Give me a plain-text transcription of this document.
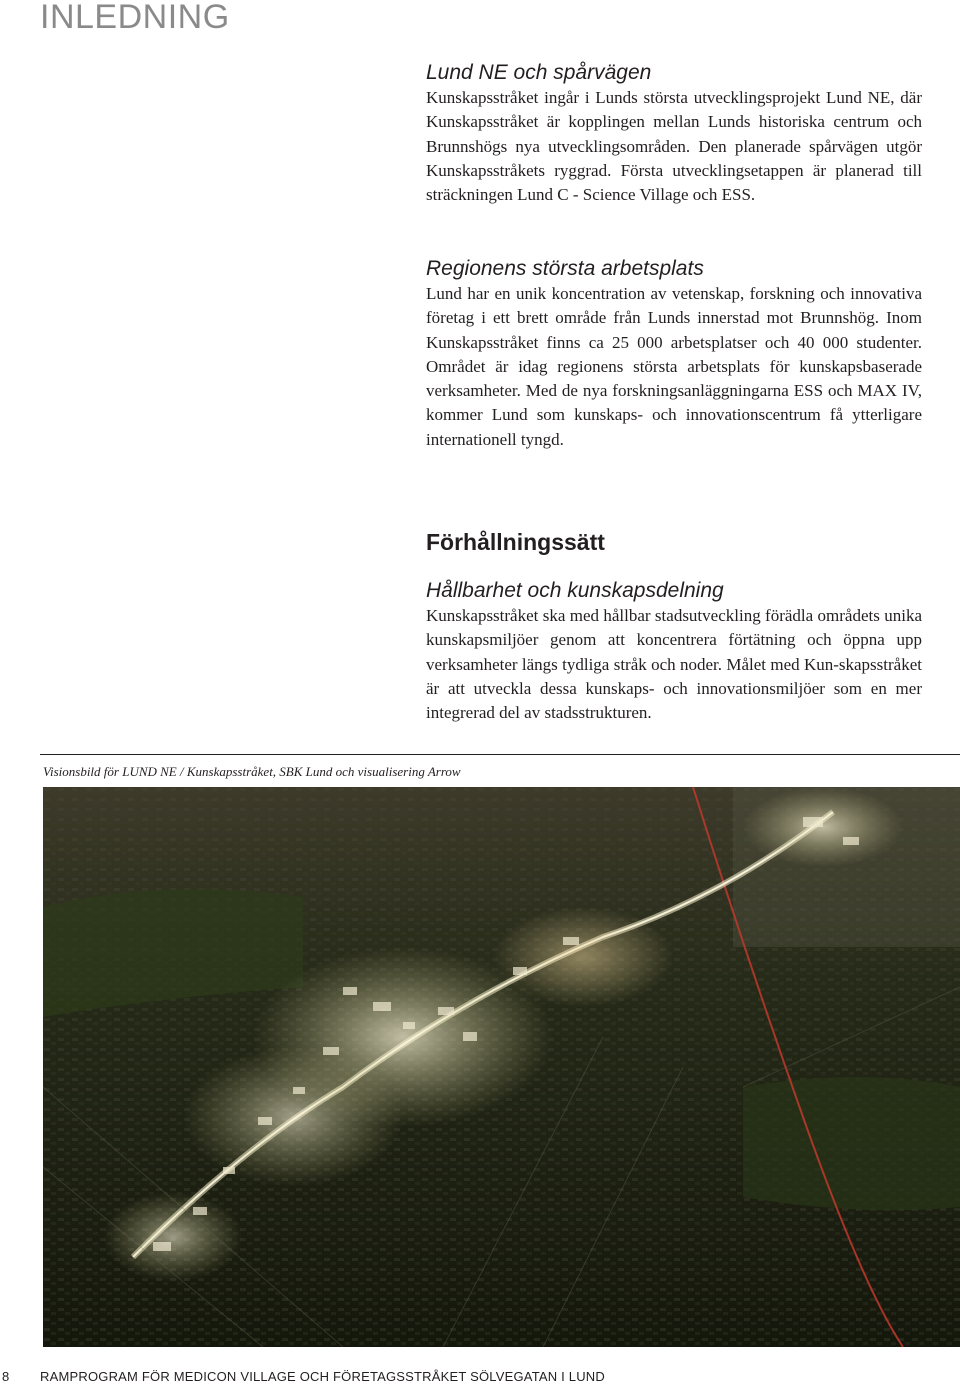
INLEDNING
Lund NE och spårvägen

Kunskapsstråket ingår i Lunds största utvecklingsprojekt Lund NE, där Kunskapsstråket är kopplingen mellan Lunds historiska centrum och Brunnshögs nya utvecklingsområden. Den planerade spårvägen utgör Kunskapsstråkets ryggrad. Första utvecklingsetappen är planerad till sträckningen Lund C - Science Village och ESS.

Regionens största arbetsplats

Lund har en unik koncentration av vetenskap, forskning och innovativa företag i ett brett område från Lunds innerstad mot Brunnshög. Inom Kunskapsstråket finns ca 25 000 arbetsplatser och 40 000 studenter. Området är idag regionens största arbetsplats för kunskapsbaserade verksamheter. Med de nya forskningsanläggningarna ESS och MAX IV, kommer Lund som kunskaps- och innovationscentrum få ytterligare internationell tyngd.

Förhållningssätt
Hållbarhet och kunskapsdelning

Kunskapsstråket ska med hållbar stadsutveckling förädla områdets unika kunskapsmiljöer genom att koncentrera förtätning och öppna upp verksamheter längs tydliga stråk och noder. Målet med Kun-skapsstråket är att utveckla dessa kunskaps- och innovationsmiljöer som en mer integrerad del av stadsstrukturen.

Visionsbild för LUND NE / Kunskapsstråket, SBK Lund och visualisering Arrow
8 RAMPROGRAM FÖR MEDICON VILLAGE OCH FÖRETAGSSTRÅKET SÖLVEGATAN I LUND
